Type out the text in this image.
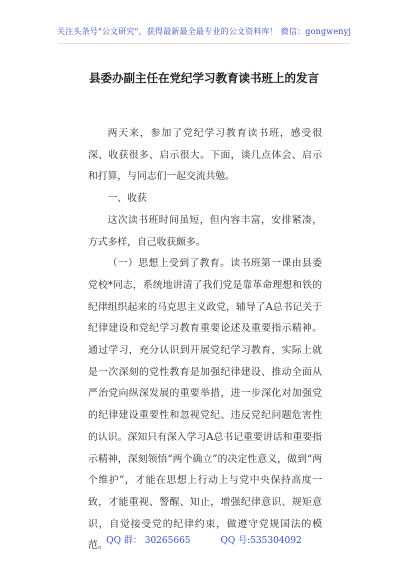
关注头条号"公文研究"，获得最新最全最专业的公文资料库！ 微信：gongwenyj
县委办副主任在党纪学习教育读书班上的发言

两天来，参加了党纪学习教育读书班，感受很深、收获很多、启示很大。下面，谈几点体会、启示和打算，与同志们一起交流共勉。

一、收获

这次读书班时间虽短，但内容丰富，安排紧凑，方式多样，自己收获颇多。

（一）思想上受到了教育。读书班第一课由县委党校*同志，系统地讲清了我们党是靠革命理想和铁的纪律组织起来的马克思主义政党，辅导了A总书记关于纪律建设和党纪学习教育重要论述及重要指示精神。通过学习，充分认识到开展党纪学习教育，实际上就是一次深刻的党性教育是加强纪律建设、推动全面从严治党向纵深发展的重要举措，进一步深化对加强党的纪律建设重要性和忽视党纪、违反党纪问题危害性的认识。深知只有深入学习A总书记重要讲话和重要指示精神，深刻领悟“两个确立”的决定性意义，做到“两个维护”，才能在思想上行动上与党中央保持高度一致，才能重视、警醒、知止，增强纪律意识、规矩意识，自觉接受党的纪律约束，做遵守党规国法的模范。

QQ 群： 30265665	QQ 号:535304092
